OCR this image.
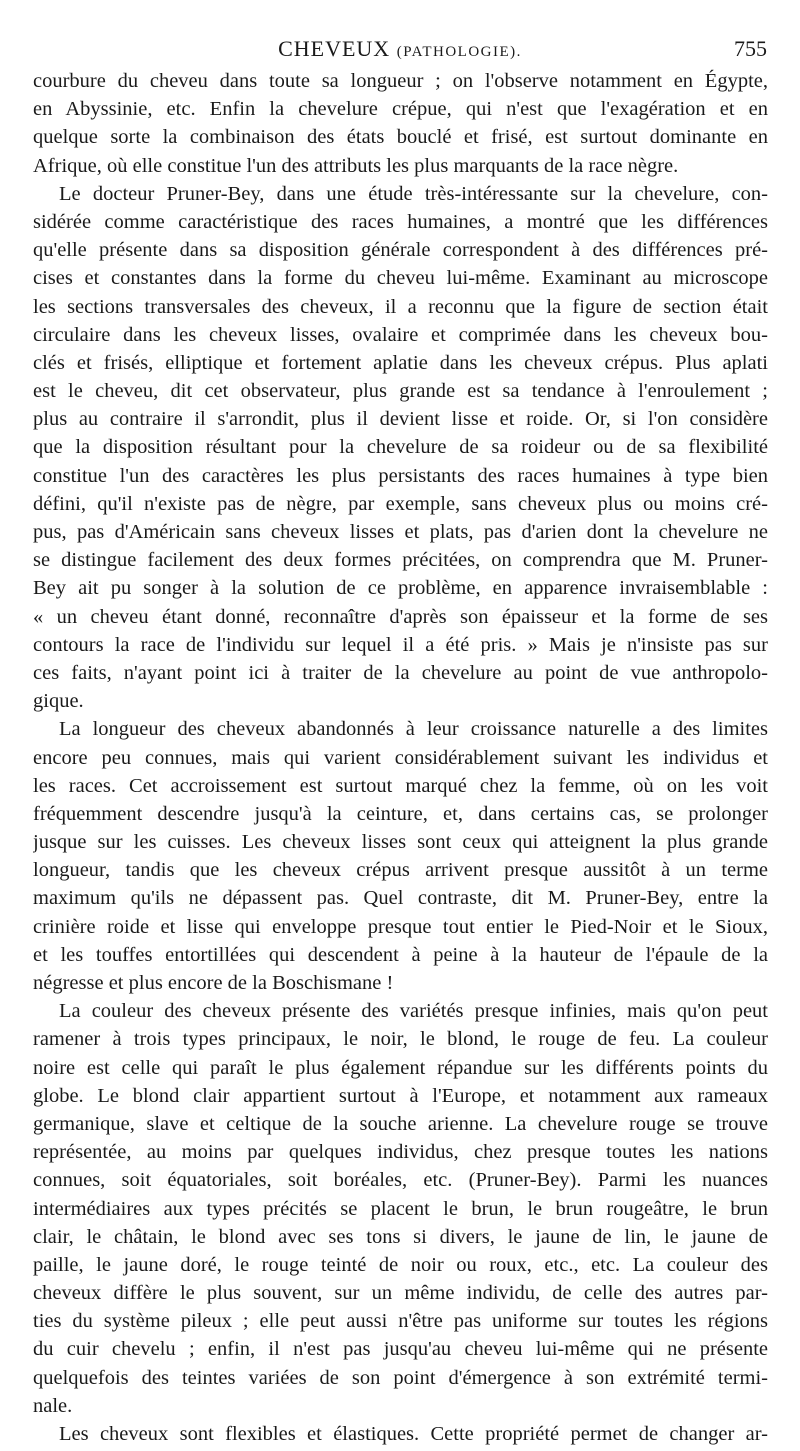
CHEVEUX (PATHOLOGIE).	755
courbure du cheveu dans toute sa longueur ; on l'observe notamment en Égypte,
en Abyssinie, etc. Enfin la chevelure crépue, qui n'est que l'exagération et en
quelque sorte la combinaison des états bouclé et frisé, est surtout dominante en
Afrique, où elle constitue l'un des attributs les plus marquants de la race nègre.
Le docteur Pruner-Bey, dans une étude très-intéressante sur la chevelure, con-
sidérée comme caractéristique des races humaines, a montré que les différences
qu'elle présente dans sa disposition générale correspondent à des différences pré-
cises et constantes dans la forme du cheveu lui-même. Examinant au microscope
les sections transversales des cheveux, il a reconnu que la figure de section était
circulaire dans les cheveux lisses, ovalaire et comprimée dans les cheveux bou-
clés et frisés, elliptique et fortement aplatie dans les cheveux crépus. Plus aplati
est le cheveu, dit cet observateur, plus grande est sa tendance à l'enroulement ;
plus au contraire il s'arrondit, plus il devient lisse et roide. Or, si l'on considère
que la disposition résultant pour la chevelure de sa roideur ou de sa flexibilité
constitue l'un des caractères les plus persistants des races humaines à type bien
défini, qu'il n'existe pas de nègre, par exemple, sans cheveux plus ou moins cré-
pus, pas d'Américain sans cheveux lisses et plats, pas d'arien dont la chevelure ne
se distingue facilement des deux formes précitées, on comprendra que M. Pruner-
Bey ait pu songer à la solution de ce problème, en apparence invraisemblable :
« un cheveu étant donné, reconnaître d'après son épaisseur et la forme de ses
contours la race de l'individu sur lequel il a été pris. » Mais je n'insiste pas sur
ces faits, n'ayant point ici à traiter de la chevelure au point de vue anthropolo-
gique.
La longueur des cheveux abandonnés à leur croissance naturelle a des limites
encore peu connues, mais qui varient considérablement suivant les individus et
les races. Cet accroissement est surtout marqué chez la femme, où on les voit
fréquemment descendre jusqu'à la ceinture, et, dans certains cas, se prolonger
jusque sur les cuisses. Les cheveux lisses sont ceux qui atteignent la plus grande
longueur, tandis que les cheveux crépus arrivent presque aussitôt à un terme
maximum qu'ils ne dépassent pas. Quel contraste, dit M. Pruner-Bey, entre la
crinière roide et lisse qui enveloppe presque tout entier le Pied-Noir et le Sioux,
et les touffes entortillées qui descendent à peine à la hauteur de l'épaule de la
négresse et plus encore de la Boschismane !
La couleur des cheveux présente des variétés presque infinies, mais qu'on peut
ramener à trois types principaux, le noir, le blond, le rouge de feu. La couleur
noire est celle qui paraît le plus également répandue sur les différents points du
globe. Le blond clair appartient surtout à l'Europe, et notamment aux rameaux
germanique, slave et celtique de la souche arienne. La chevelure rouge se trouve
représentée, au moins par quelques individus, chez presque toutes les nations
connues, soit équatoriales, soit boréales, etc. (Pruner-Bey). Parmi les nuances
intermédiaires aux types précités se placent le brun, le brun rougeâtre, le brun
clair, le châtain, le blond avec ses tons si divers, le jaune de lin, le jaune de
paille, le jaune doré, le rouge teinté de noir ou roux, etc., etc. La couleur des
cheveux diffère le plus souvent, sur un même individu, de celle des autres par-
ties du système pileux ; elle peut aussi n'être pas uniforme sur toutes les régions
du cuir chevelu ; enfin, il n'est pas jusqu'au cheveu lui-même qui ne présente
quelquefois des teintes variées de son point d'émergence à son extrémité termi-
nale.
Les cheveux sont flexibles et élastiques. Cette propriété permet de changer ar-
